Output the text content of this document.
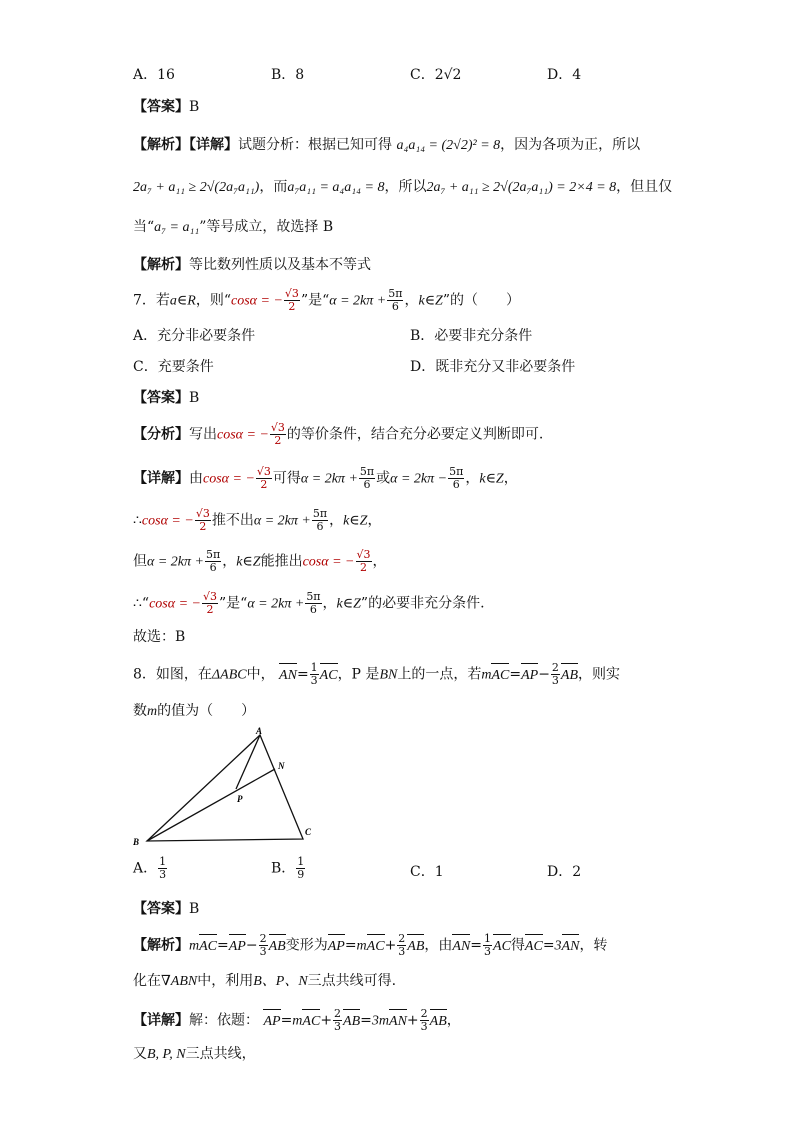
A．16	B．8	C．2√2	D．4
【答案】B
【解析】【详解】试题分析：根据已知可得 a₄a₁₄ = (2√2)² = 8，因为各项为正，所以
2a₇ + a₁₁ ≥ 2√(2a₇a₁₁)，而a₇a₁₁ = a₄a₁₄ = 8，所以2a₇ + a₁₁ ≥ 2√(2a₇a₁₁) = 2×4 = 8，但且仅
当“a₇ = a₁₁”等号成立，故选择 B
【解析】等比数列性质以及基本不等式
7．若a∈R，则“cosα = − $\frac{√3}{2}$ ”是“$\alpha = 2k\pi + \frac{5\pi}{6}$ ，k∈Z”的（　　）
A．充分非必要条件	B．必要非充分条件
C．充要条件	D．既非充分又非必要条件
【答案】B
【分析】写出cosα = − $\frac{√3}{2}$ 的等价条件，结合充分必要定义判断即可.
【详解】由cosα = − $\frac{√3}{2}$ 可得$\alpha = 2k\pi + \frac{5\pi}{6}$ 或$\alpha = 2k\pi - \frac{5\pi}{6}$ ，k∈Z，
∴cosα = − $\frac{√3}{2}$ 推不出$\alpha = 2k\pi + \frac{5\pi}{6}$ ，k∈Z，
但$\alpha = 2k\pi + \frac{5\pi}{6}$ ，k∈Z能推出cosα = − $\frac{√3}{2}$ ，
∴“cosα = − $\frac{√3}{2}$ ”是“$\alpha = 2k\pi + \frac{5\pi}{6}$ ，k∈Z”的必要非充分条件.
故选：B
8．如图，在ΔABC中， $AN= \frac{1}{3}$ AC，P 是BN上的一点，若$mAC=AP- \frac{2}{3}$ AB，则实
数m的值为（　　）
A
B
C
N
P
A． $\frac{1}{3}$	B． $\frac{1}{9}$	C．1	D．2
【答案】B
【解析】$mAC=AP- \frac{2}{3}$ AB变形为$AP=mAC+ \frac{2}{3}$ AB，由$AN= \frac{1}{3}$ AC得AC=3AN，转
化在∇ABN中，利用B、P、N三点共线可得.
【详解】解：依题： $AP=mAC+ \frac{2}{3} AB=3mAN+ \frac{2}{3}$ AB，
又B, P, N三点共线，
